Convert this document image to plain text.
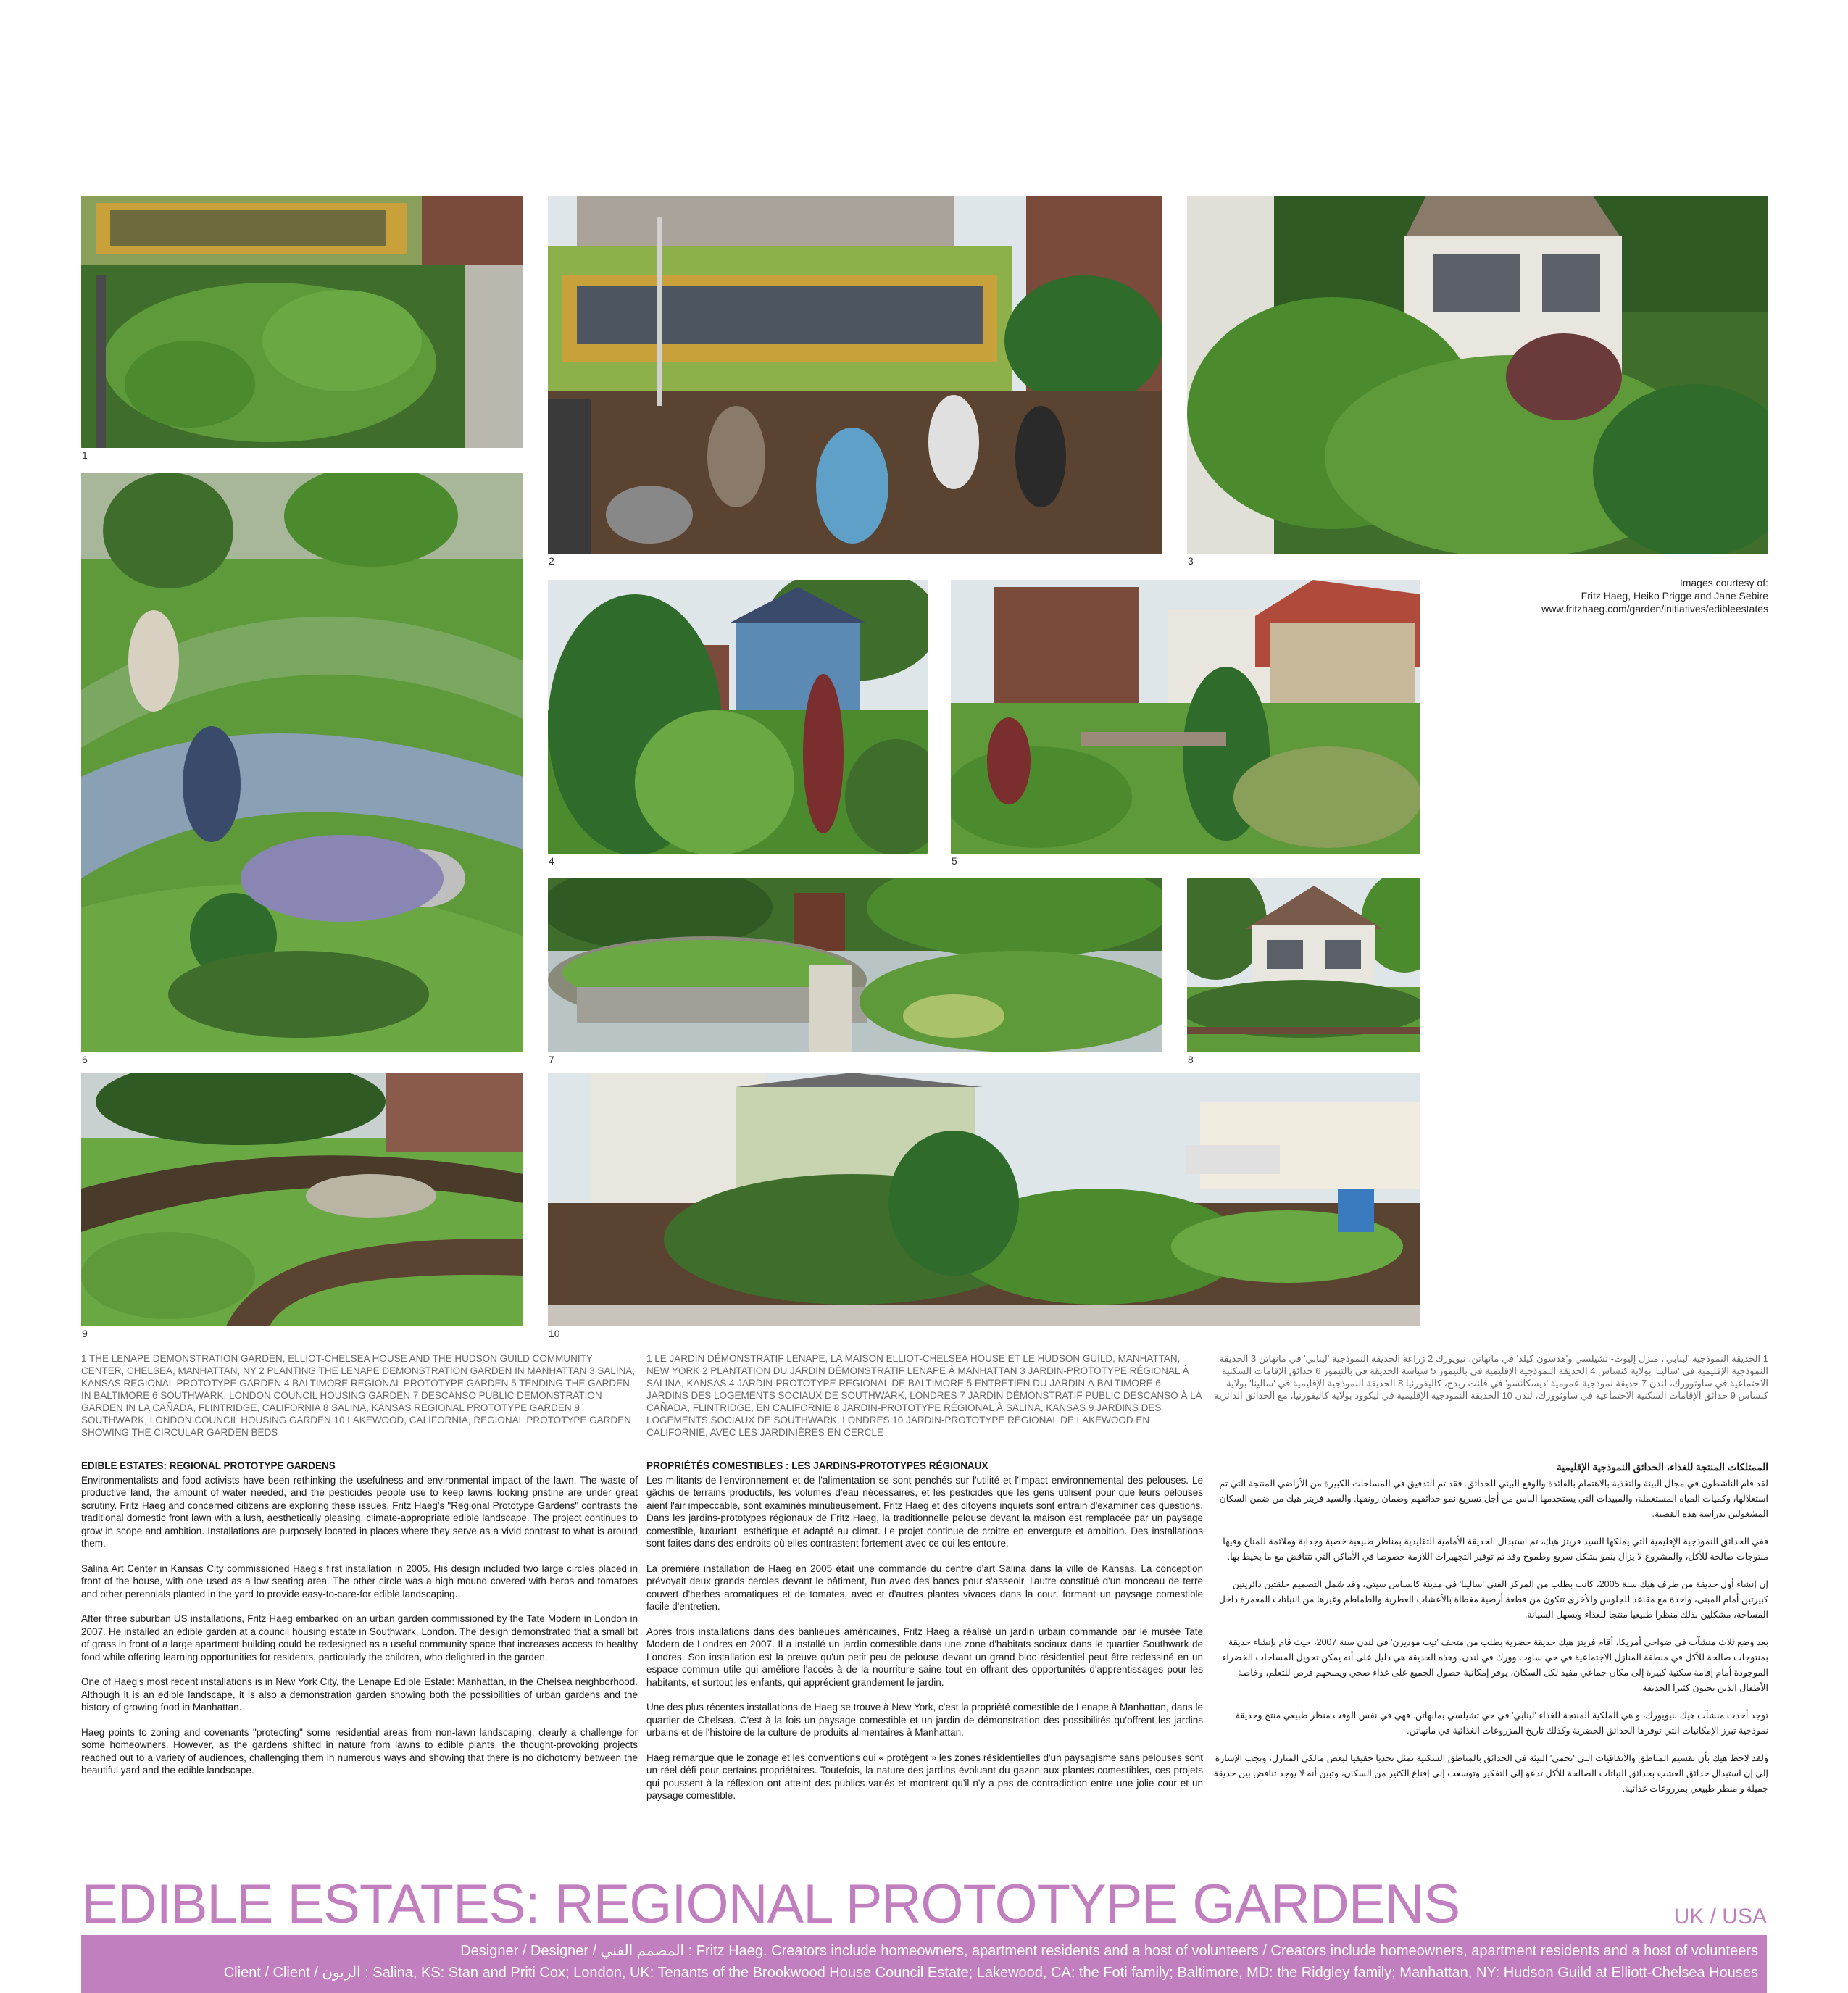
1
2	3
Images courtesy of:
Fritz Haeg, Heiko Prigge and Jane Sebire
www.fritzhaeg.com/garden/initiatives/edibleestates
6
4	5
7	8
9	10
1 THE LENAPE DEMONSTRATION GARDEN, ELLIOT-CHELSEA HOUSE AND THE HUDSON GUILD COMMUNITY CENTER, CHELSEA, MANHATTAN, NY 2 PLANTING THE LENAPE DEMONSTRATION GARDEN IN MANHATTAN 3 SALINA, KANSAS REGIONAL PROTOTYPE GARDEN 4 BALTIMORE REGIONAL PROTOTYPE GARDEN 5 TENDING THE GARDEN IN BALTIMORE 6 SOUTHWARK, LONDON COUNCIL HOUSING GARDEN 7 DESCANSO PUBLIC DEMONSTRATION GARDEN IN LA CAÑADA, FLINTRIDGE, CALIFORNIA 8 SALINA, KANSAS REGIONAL PROTOTYPE GARDEN 9 SOUTHWARK, LONDON COUNCIL HOUSING GARDEN 10 LAKEWOOD, CALIFORNIA, REGIONAL PROTOTYPE GARDEN SHOWING THE CIRCULAR GARDEN BEDS
1 LE JARDIN DÉMONSTRATIF LENAPE, LA MAISON ELLIOT-CHELSEA HOUSE ET LE HUDSON GUILD, MANHATTAN, NEW YORK 2 PLANTATION DU JARDIN DÉMONSTRATIF LENAPE À MANHATTAN 3 JARDIN-PROTOTYPE RÉGIONAL À SALINA, KANSAS 4 JARDIN-PROTOTYPE RÉGIONAL DE BALTIMORE 5 ENTRETIEN DU JARDIN À BALTIMORE 6 JARDINS DES LOGEMENTS SOCIAUX DE SOUTHWARK, LONDRES 7 JARDIN DÉMONSTRATIF PUBLIC DESCANSO À LA CAÑADA, FLINTRIDGE, EN CALIFORNIE 8 JARDIN-PROTOTYPE RÉGIONAL À SALINA, KANSAS 9 JARDINS DES LOGEMENTS SOCIAUX DE SOUTHWARK, LONDRES 10 JARDIN-PROTOTYPE RÉGIONAL DE LAKEWOOD EN CALIFORNIE, AVEC LES JARDINIÈRES EN CERCLE
1 الحديقة النموذجية 'لينابي'، منزل إليوت- تشيلسي و'هدسون كيلد' في مانهاتن، نيويورك 2 زراعة الحديقة النموذجية 'لينابي' في مانهاتن 3 الحديقة النموذجية الإقليمية في 'سالينا' بولاية كنساس 4 الحديقة النموذجية الإقليمية في بالتيمور 5 سياسة الحديقة في بالتيمور 6 حدائق الإقامات السكنية الاجتماعية في ساوثوورك، لندن 7 حديقة نموذجية عمومية 'ديسكانسو' في فلنت ريدج، كاليفورنيا 8 الحديقة النموذجية الإقليمية في 'سالينا' بولاية كنساس 9 حدائق الإقامات السكنية الاجتماعية في ساوثوورك، لندن 10 الحديقة النموذجية الإقليمية في ليكوود بولاية كاليفورنيا، مع الحدائق الدائرية
EDIBLE ESTATES: REGIONAL PROTOTYPE GARDENS

Environmentalists and food activists have been rethinking the usefulness and environmental impact of the lawn. The waste of productive land, the amount of water needed, and the pesticides people use to keep lawns looking pristine are under great scrutiny. Fritz Haeg and concerned citizens are exploring these issues. Fritz Haeg's "Regional Prototype Gardens" contrasts the traditional domestic front lawn with a lush, aesthetically pleasing, climate-appropriate edible landscape. The project continues to grow in scope and ambition. Installations are purposely located in places where they serve as a vivid contrast to what is around them.

Salina Art Center in Kansas City commissioned Haeg's first installation in 2005. His design included two large circles placed in front of the house, with one used as a low seating area. The other circle was a high mound covered with herbs and tomatoes and other perennials planted in the yard to provide easy-to-care-for edible landscaping.

After three suburban US installations, Fritz Haeg embarked on an urban garden commissioned by the Tate Modern in London in 2007. He installed an edible garden at a council housing estate in Southwark, London. The design demonstrated that a small bit of grass in front of a large apartment building could be redesigned as a useful community space that increases access to healthy food while offering learning opportunities for residents, particularly the children, who delighted in the garden.

One of Haeg's most recent installations is in New York City, the Lenape Edible Estate: Manhattan, in the Chelsea neighborhood. Although it is an edible landscape, it is also a demonstration garden showing both the possibilities of urban gardens and the history of growing food in Manhattan.

Haeg points to zoning and covenants "protecting" some residential areas from non-lawn landscaping, clearly a challenge for some homeowners. However, as the gardens shifted in nature from lawns to edible plants, the thought-provoking projects reached out to a variety of audiences, challenging them in numerous ways and showing that there is no dichotomy between the beautiful yard and the edible landscape.

PROPRIÉTÉS COMESTIBLES : LES JARDINS-PROTOTYPES RÉGIONAUX

Les militants de l'environnement et de l'alimentation se sont penchés sur l'utilité et l'impact environnemental des pelouses. Le gâchis de terrains productifs, les volumes d'eau nécessaires, et les pesticides que les gens utilisent pour que leurs pelouses aient l'air impeccable, sont examinés minutieusement. Fritz Haeg et des citoyens inquiets sont entrain d'examiner ces questions. Dans les jardins-prototypes régionaux de Fritz Haeg, la traditionnelle pelouse devant la maison est remplacée par un paysage comestible, luxuriant, esthétique et adapté au climat. Le projet continue de croitre en envergure et ambition. Des installations sont faites dans des endroits où elles contrastent fortement avec ce qui les entoure.

La première installation de Haeg en 2005 était une commande du centre d'art Salina dans la ville de Kansas. La conception prévoyait deux grands cercles devant le bâtiment, l'un avec des bancs pour s'asseoir, l'autre constitué d'un monceau de terre couvert d'herbes aromatiques et de tomates, avec et d'autres plantes vivaces dans la cour, formant un paysage comestible facile d'entretien.

Après trois installations dans des banlieues américaines, Fritz Haeg a réalisé un jardin urbain commandé par le musée Tate Modern de Londres en 2007. Il a installé un jardin comestible dans une zone d'habitats sociaux dans le quartier Southwark de Londres. Son installation est la preuve qu'un petit peu de pelouse devant un grand bloc résidentiel peut être redessiné en un espace commun utile qui améliore l'accès à de la nourriture saine tout en offrant des opportunités d'apprentissages pour les habitants, et surtout les enfants, qui apprécient grandement le jardin.

Une des plus récentes installations de Haeg se trouve à New York, c'est la propriété comestible de Lenape à Manhattan, dans le quartier de Chelsea. C'est à la fois un paysage comestible et un jardin de démonstration des possibilités qu'offrent les jardins urbains et de l'histoire de la culture de produits alimentaires à Manhattan.

Haeg remarque que le zonage et les conventions qui « protègent » les zones résidentielles d'un paysagisme sans pelouses sont un réel défi pour certains propriétaires. Toutefois, la nature des jardins évoluant du gazon aux plantes comestibles, ces projets qui poussent à la réflexion ont atteint des publics variés et montrent qu'il n'y a pas de contradiction entre une jolie cour et un paysage comestible.

الممتلكات المنتجة للغذاء، الحدائق النموذجية الإقليمية

لقد قام الناشطون في مجال البيئة والتغذية بالاهتمام بالفائدة والوقع البيئي للحدائق. فقد تم التدقيق في المساحات الكبيرة من الأراضي المنتجة التي تم استغلالها، وكميات المياه المستعملة، والمبيدات التي يستخدمها الناس من أجل تسريع نمو حدائقهم وضمان رونقها. والسيد فريتز هيك من ضمن السكان المشغولين بدراسة هذه القضية.

ففي الحدائق النموذجية الإقليمية التي يملكها السيد فريتز هيك، تم استبدال الحديقة الأمامية التقليدية بمناظر طبيعية خصبة وجذابة وملائمة للمناخ وفيها منتوجات صالحة للأكل، والمشروع لا يزال ينمو بشكل سريع وطموح وقد تم توفير التجهيزات اللازمة خصوصا في الأماكن التي تتناقض مع ما يحيط بها.

إن إنشاء أول حديقة من طرف هيك سنة 2005، كانت بطلب من المركز الفني 'سالينا' في مدينة كانساس سيتي، وقد شمل التصميم حلقتين دائريتين كبيرتين أمام المبنى، واحدة مع مقاعد للجلوس والأخرى تتكون من قطعة أرضية مغطاة بالأعشاب العطرية والطماطم وغيرها من النباتات المعمرة داخل المساحة، مشكلين بذلك منظرا طبيعيا منتجا للغذاء ويسهل السيانة.

بعد وضع ثلاث منشآت في ضواحي أمريكا، أقام فريتز هيك حديقة حضرية بطلب من متحف 'تيت موديرن' في لندن سنة 2007، حيث قام بإنشاء حديقة بمنتوجات صالحة للأكل في منطقة المنازل الاجتماعية في حي ساوث وورك في لندن. وهذه الحديقة هي دليل على أنه يمكن تحويل المساحات الخضراء الموجودة أمام إقامة سكنية كبيرة إلى مكان جماعي مفيد لكل السكان، يوفر إمكانية حصول الجميع على غذاء صحي ويمنحهم فرص للتعلم، وخاصة الأطفال الذين يحبون كثيرا الحديقة.

توجد أحدث منشآت هيك بنيويورك، و هي الملكية المنتجة للغذاء 'لينابي' في حي تشيلسي بمانهاتن. فهي في نفس الوقت منظر طبيعي منتج وحديقة نموذجية تبرز الإمكانيات التي توفرها الحدائق الحضرية وكذلك تاريخ المزروعات الغذائية في مانهاتن.

ولقد لاحظ هيك بأن تقسيم المناطق والاتفاقيات التي 'تحمي' البيئة في الحدائق بالمناطق السكنية تمثل تحديا حقيقيا لبعض مالكي المنازل، وتجب الإشارة إلى إن استبدال حدائق العشب بحدائق النباتات الصالحة للأكل تدعو إلى التفكير وتوسعت إلى إقناع الكثير من السكان، وتبين أنه لا يوجد تناقض بين حديقة جميلة و منظر طبيعي بمزروعات غذائية.

EDIBLE ESTATES: REGIONAL PROTOTYPE GARDENS	UK / USA
Designer / Designer / المصمم الفني : Fritz Haeg. Creators include homeowners, apartment residents and a host of volunteers / Creators include homeowners, apartment residents and a host of volunteers
Client / Client / الزبون : Salina, KS: Stan and Priti Cox; London, UK: Tenants of the Brookwood House Council Estate; Lakewood, CA: the Foti family; Baltimore, MD: the Ridgley family; Manhattan, NY: Hudson Guild at Elliott-Chelsea Houses
